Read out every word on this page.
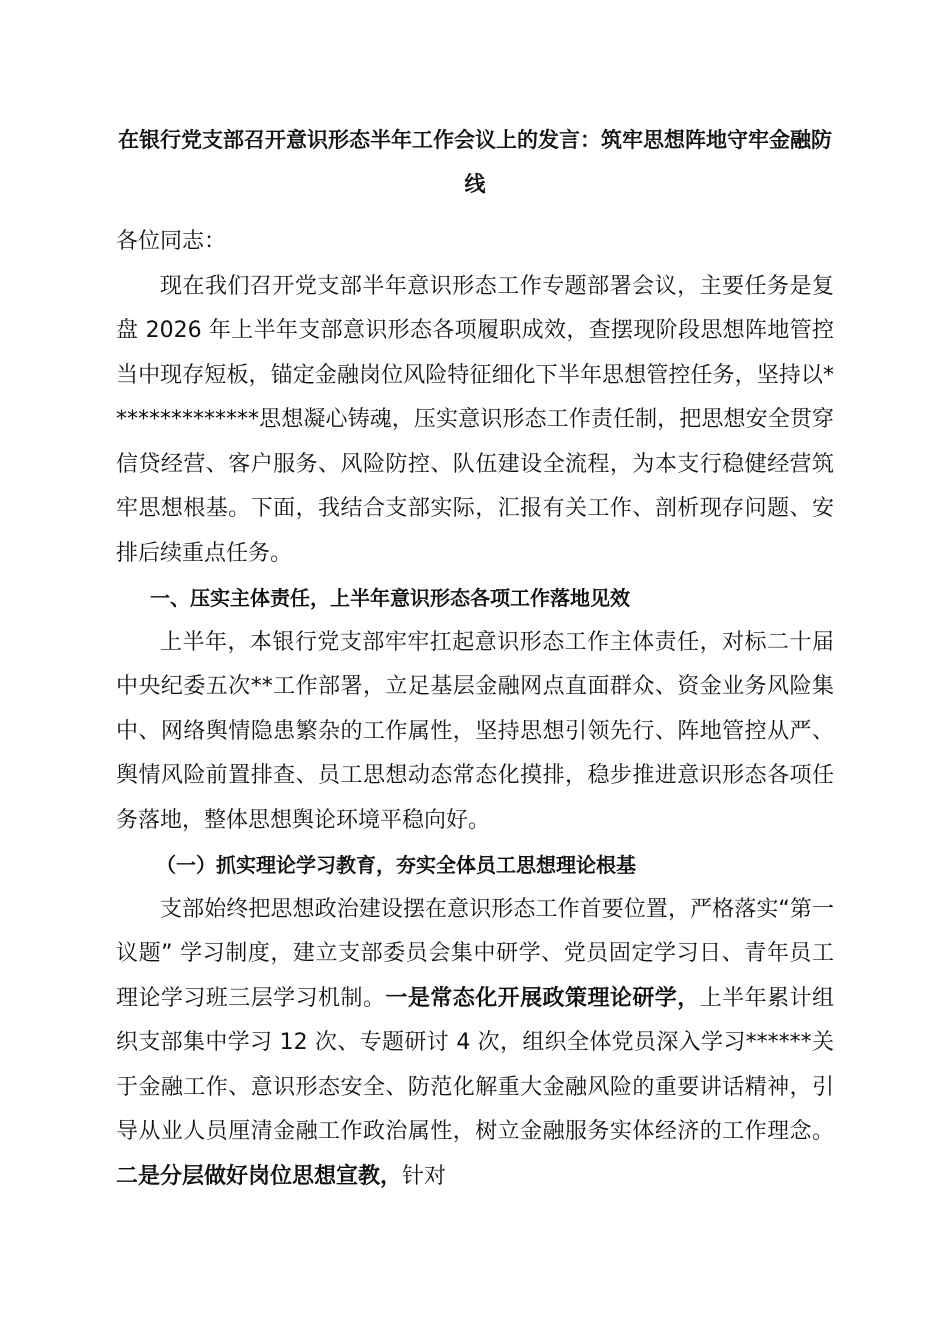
在银行党支部召开意识形态半年工作会议上的发言：筑牢思想阵地守牢金融防线

各位同志：

现在我们召开党支部半年意识形态工作专题部署会议，主要任务是复盘 2026 年上半年支部意识形态各项履职成效，查摆现阶段思想阵地管控当中现存短板，锚定金融岗位风险特征细化下半年思想管控任务，坚持以**************思想凝心铸魂，压实意识形态工作责任制，把思想安全贯穿信贷经营、客户服务、风险防控、队伍建设全流程，为本支行稳健经营筑牢思想根基。下面，我结合支部实际，汇报有关工作、剖析现存问题、安排后续重点任务。

一、压实主体责任，上半年意识形态各项工作落地见效

上半年，本银行党支部牢牢扛起意识形态工作主体责任，对标二十届中央纪委五次**工作部署，立足基层金融网点直面群众、资金业务风险集中、网络舆情隐患繁杂的工作属性，坚持思想引领先行、阵地管控从严、舆情风险前置排查、员工思想动态常态化摸排，稳步推进意识形态各项任务落地，整体思想舆论环境平稳向好。

（一）抓实理论学习教育，夯实全体员工思想理论根基

支部始终把思想政治建设摆在意识形态工作首要位置，严格落实“第一议题” 学习制度，建立支部委员会集中研学、党员固定学习日、青年员工理论学习班三层学习机制。一是常态化开展政策理论研学，上半年累计组织支部集中学习 12 次、专题研讨 4 次，组织全体党员深入学习******关于金融工作、意识形态安全、防范化解重大金融风险的重要讲话精神，引导从业人员厘清金融工作政治属性，树立金融服务实体经济的工作理念。二是分层做好岗位思想宣教，针对
